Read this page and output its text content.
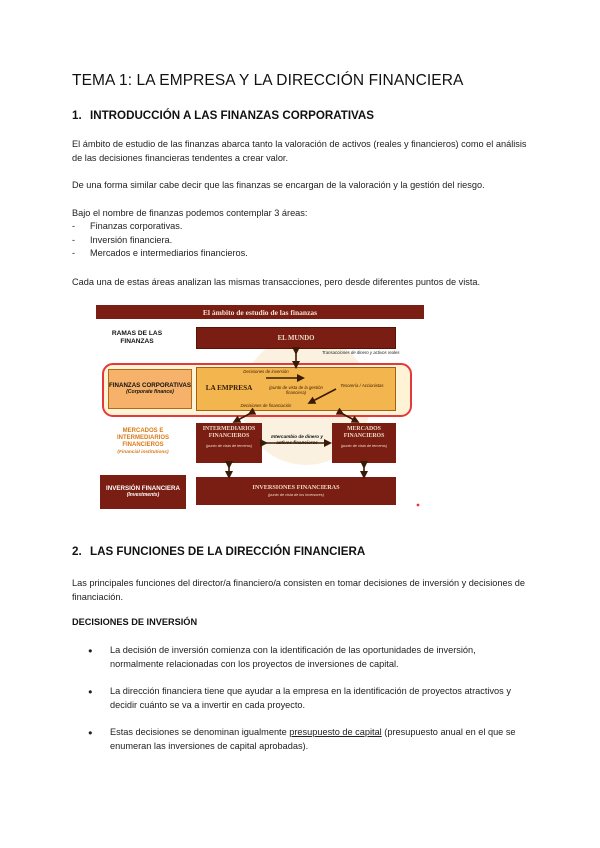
TEMA 1: LA EMPRESA Y LA DIRECCIÓN FINANCIERA
1. INTRODUCCIÓN A LAS FINANZAS CORPORATIVAS
El ámbito de estudio de las finanzas abarca tanto la valoración de activos (reales y financieros) como el análisis de las decisiones financieras tendentes a crear valor.
De una forma similar cabe decir que las finanzas se encargan de la valoración y la gestión del riesgo.
Bajo el nombre de finanzas podemos contemplar 3 áreas:
- Finanzas corporativas.
- Inversión financiera.
- Mercados e intermediarios financieros.
Cada una de estas áreas analizan las mismas transacciones, pero desde diferentes puntos de vista.
El ámbito de estudio de las finanzas
RAMAS DE LAS FINANZAS	EL MUNDO
Transacciones de dinero y activos reales
FINANZAS CORPORATIVAS
(Corporate finance)	LA EMPRESA
Decisiones de inversión
Decisiones de financiación
(punto de vista de la gestión financiera)
Tesorería / Accionistas
MERCADOS E INTERMEDIARIOS FINANCIEROS
(Financial institutions)
INTERMEDIARIOS FINANCIEROS
(punto de vista de terceros)
Intercambio de dinero y activos financieros
MERCADOS FINANCIEROS
(punto de vista de terceros)
INVERSIÓN FINANCIERA
(Investments)
INVERSIONES FINANCIERAS
(punto de vista de los inversores)
2. LAS FUNCIONES DE LA DIRECCIÓN FINANCIERA
Las principales funciones del director/a financiero/a consisten en tomar decisiones de inversión y decisiones de financiación.
DECISIONES DE INVERSIÓN
● La decisión de inversión comienza con la identificación de las oportunidades de inversión, normalmente relacionadas con los proyectos de inversiones de capital.
● La dirección financiera tiene que ayudar a la empresa en la identificación de proyectos atractivos y decidir cuánto se va a invertir en cada proyecto.
● Estas decisiones se denominan igualmente presupuesto de capital (presupuesto anual en el que se enumeran las inversiones de capital aprobadas).
